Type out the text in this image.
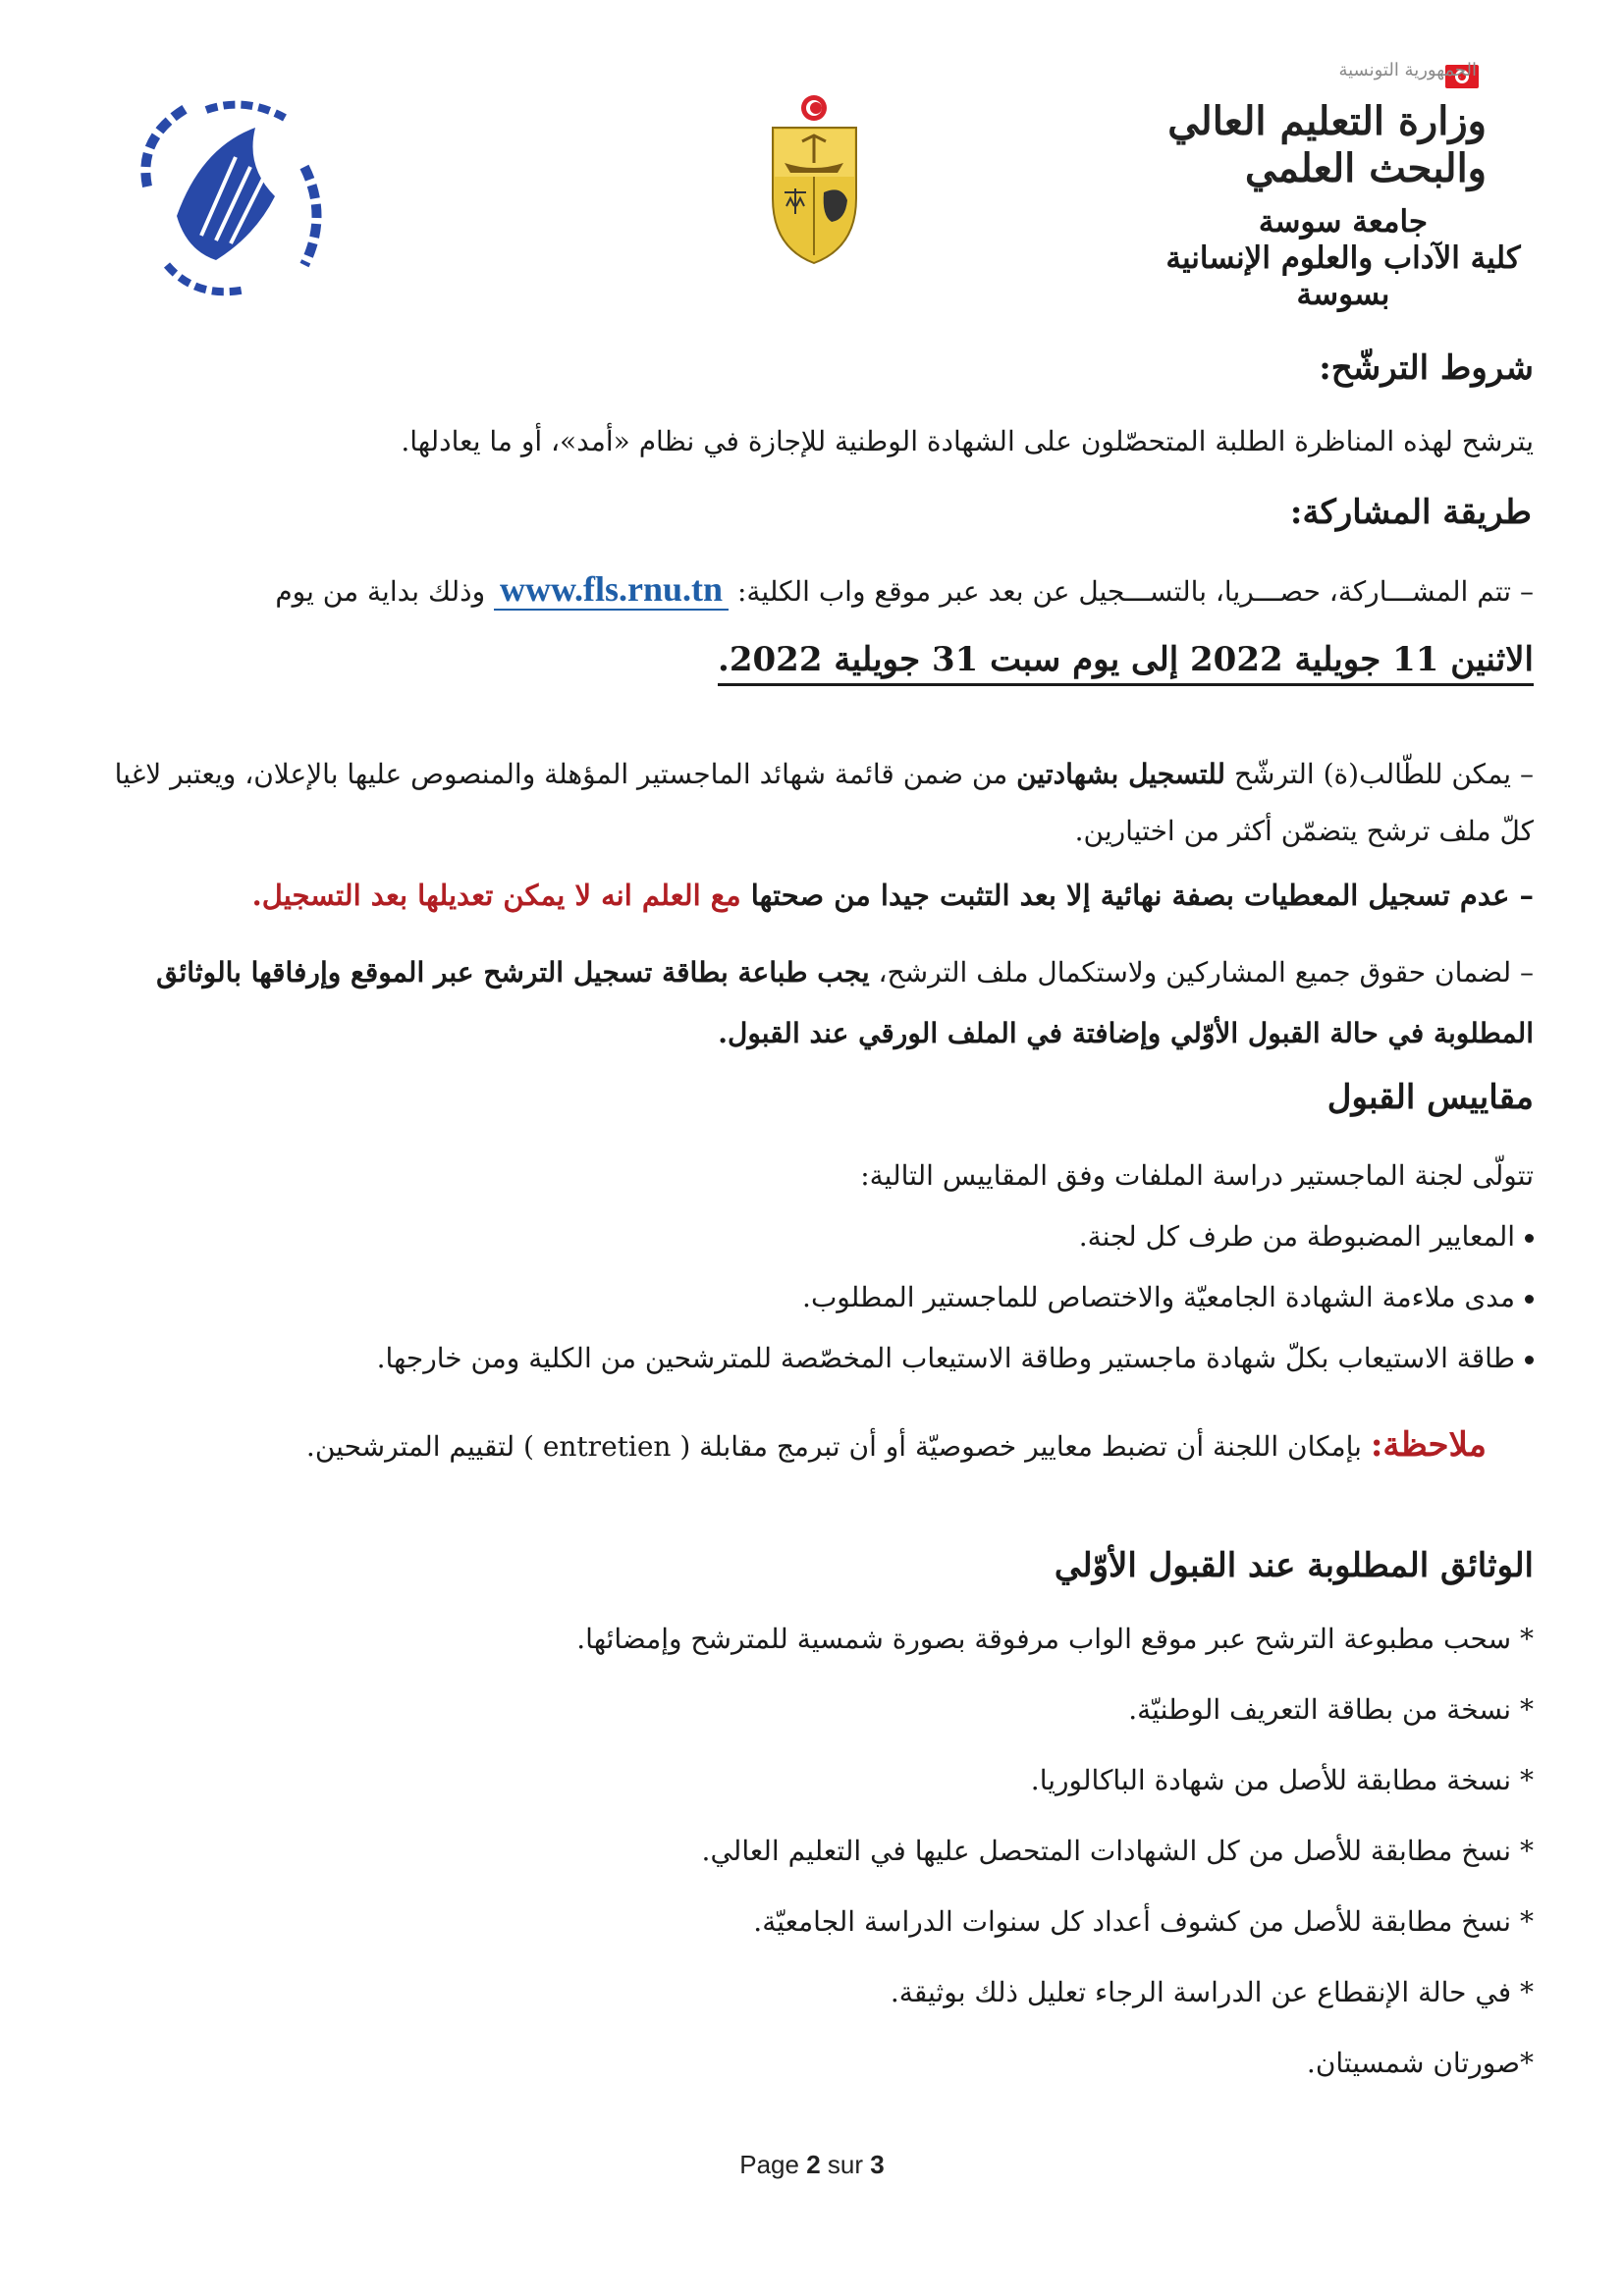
الجمهورية التونسية
وزارة التعليم العالي
والبحث العلمي
جامعة سوسة
كلية الآداب والعلوم الإنسانية
بسوسة
شروط الترشّح:
يترشح لهذه المناظرة الطلبة المتحصّلون على الشهادة الوطنية للإجازة في نظام «أمد»، أو ما يعادلها.
طريقة المشاركة:
– تتم المشـــاركة، حصـــريا، بالتســـجيل عن بعد عبر موقع واب الكلية: www.fls.rnu.tn وذلك بداية من يوم
الاثنين 11 جويلية 2022 إلى يوم سبت 31 جويلية 2022.
– يمكن للطّالب(ة) الترشّح للتسجيل بشهادتين من ضمن قائمة شهائد الماجستير المؤهلة والمنصوص عليها بالإعلان، ويعتبر لاغيا كلّ ملف ترشح يتضمّن أكثر من اختيارين.
– عدم تسجيل المعطيات بصفة نهائية إلا بعد التثبت جيدا من صحتها مع العلم انه لا يمكن تعديلها بعد التسجيل.
– لضمان حقوق جميع المشاركين ولاستكمال ملف الترشح، يجب طباعة بطاقة تسجيل الترشح عبر الموقع وإرفاقها بالوثائق المطلوبة في حالة القبول الأوّلي وإضافتة في الملف الورقي عند القبول.
مقاييس القبول
تتولّى لجنة الماجستير دراسة الملفات وفق المقاييس التالية:
المعايير المضبوطة من طرف كل لجنة.
مدى ملاءمة الشهادة الجامعيّة والاختصاص للماجستير المطلوب.
طاقة الاستيعاب بكلّ شهادة ماجستير وطاقة الاستيعاب المخصّصة للمترشحين من الكلية ومن خارجها.
ملاحظة: بإمكان اللجنة أن تضبط معايير خصوصيّة أو أن تبرمج مقابلة ( entretien ) لتقييم المترشحين.
الوثائق المطلوبة عند القبول الأوّلي
* سحب مطبوعة الترشح عبر موقع الواب مرفوقة بصورة شمسية للمترشح وإمضائها.
* نسخة من بطاقة التعريف الوطنيّة.
* نسخة مطابقة للأصل من شهادة الباكالوريا.
* نسخ مطابقة للأصل من كل الشهادات المتحصل عليها في التعليم العالي.
* نسخ مطابقة للأصل من كشوف أعداد كل سنوات الدراسة الجامعيّة.
* في حالة الإنقطاع عن الدراسة الرجاء تعليل ذلك بوثيقة.
*صورتان شمسيتان.
Page 2 sur 3
